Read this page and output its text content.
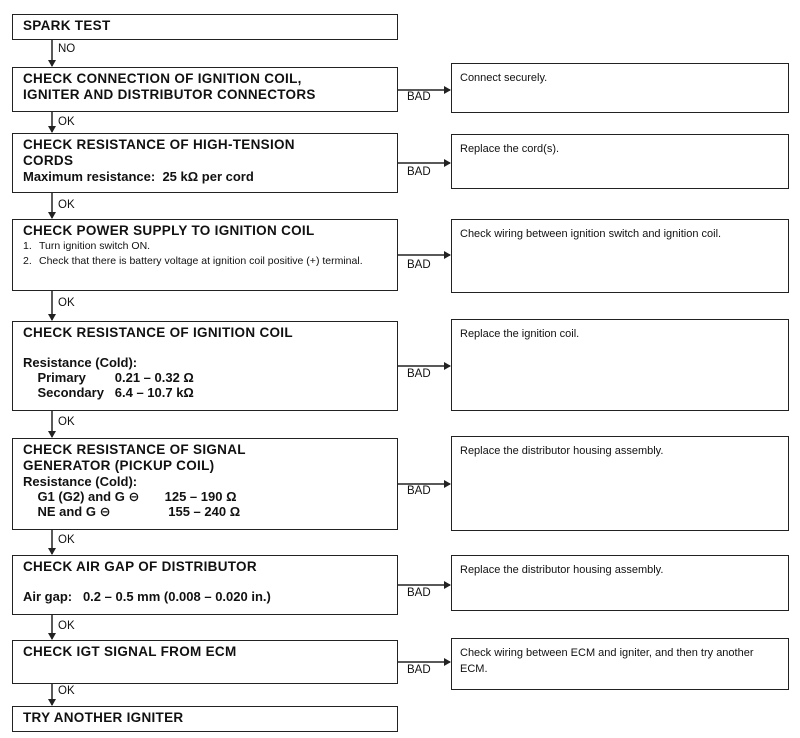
SPARK TEST
NO
CHECK CONNECTION OF IGNITION COIL,
IGNITER AND DISTRIBUTOR CONNECTORS
Connect securely.
BAD
OK
CHECK RESISTANCE OF HIGH-TENSION
CORDS
Maximum resistance:  25 kΩ per cord
Replace the cord(s).
BAD
OK
CHECK POWER SUPPLY TO IGNITION COIL
1. Turn ignition switch ON.
2. Check that there is battery voltage at ignition coil positive (+) terminal.
Check wiring between ignition switch and ignition coil.
BAD
OK
CHECK RESISTANCE OF IGNITION COIL
Resistance (Cold):
Primary        0.21 – 0.32 Ω
Secondary   6.4 – 10.7 kΩ
Replace the ignition coil.
BAD
OK
CHECK RESISTANCE OF SIGNAL
GENERATOR (PICKUP COIL)
Resistance (Cold):
G1 (G2) and G ⊖       125 – 190 Ω
NE and G ⊖                155 – 240 Ω
Replace the distributor housing assembly.
BAD
OK
CHECK AIR GAP OF DISTRIBUTOR
Air gap:   0.2 – 0.5 mm (0.008 – 0.020 in.)
Replace the distributor housing assembly.
BAD
OK
CHECK IGT SIGNAL FROM ECM	Check wiring between ECM and igniter, and then try another ECM.
BAD
OK
TRY ANOTHER IGNITER
